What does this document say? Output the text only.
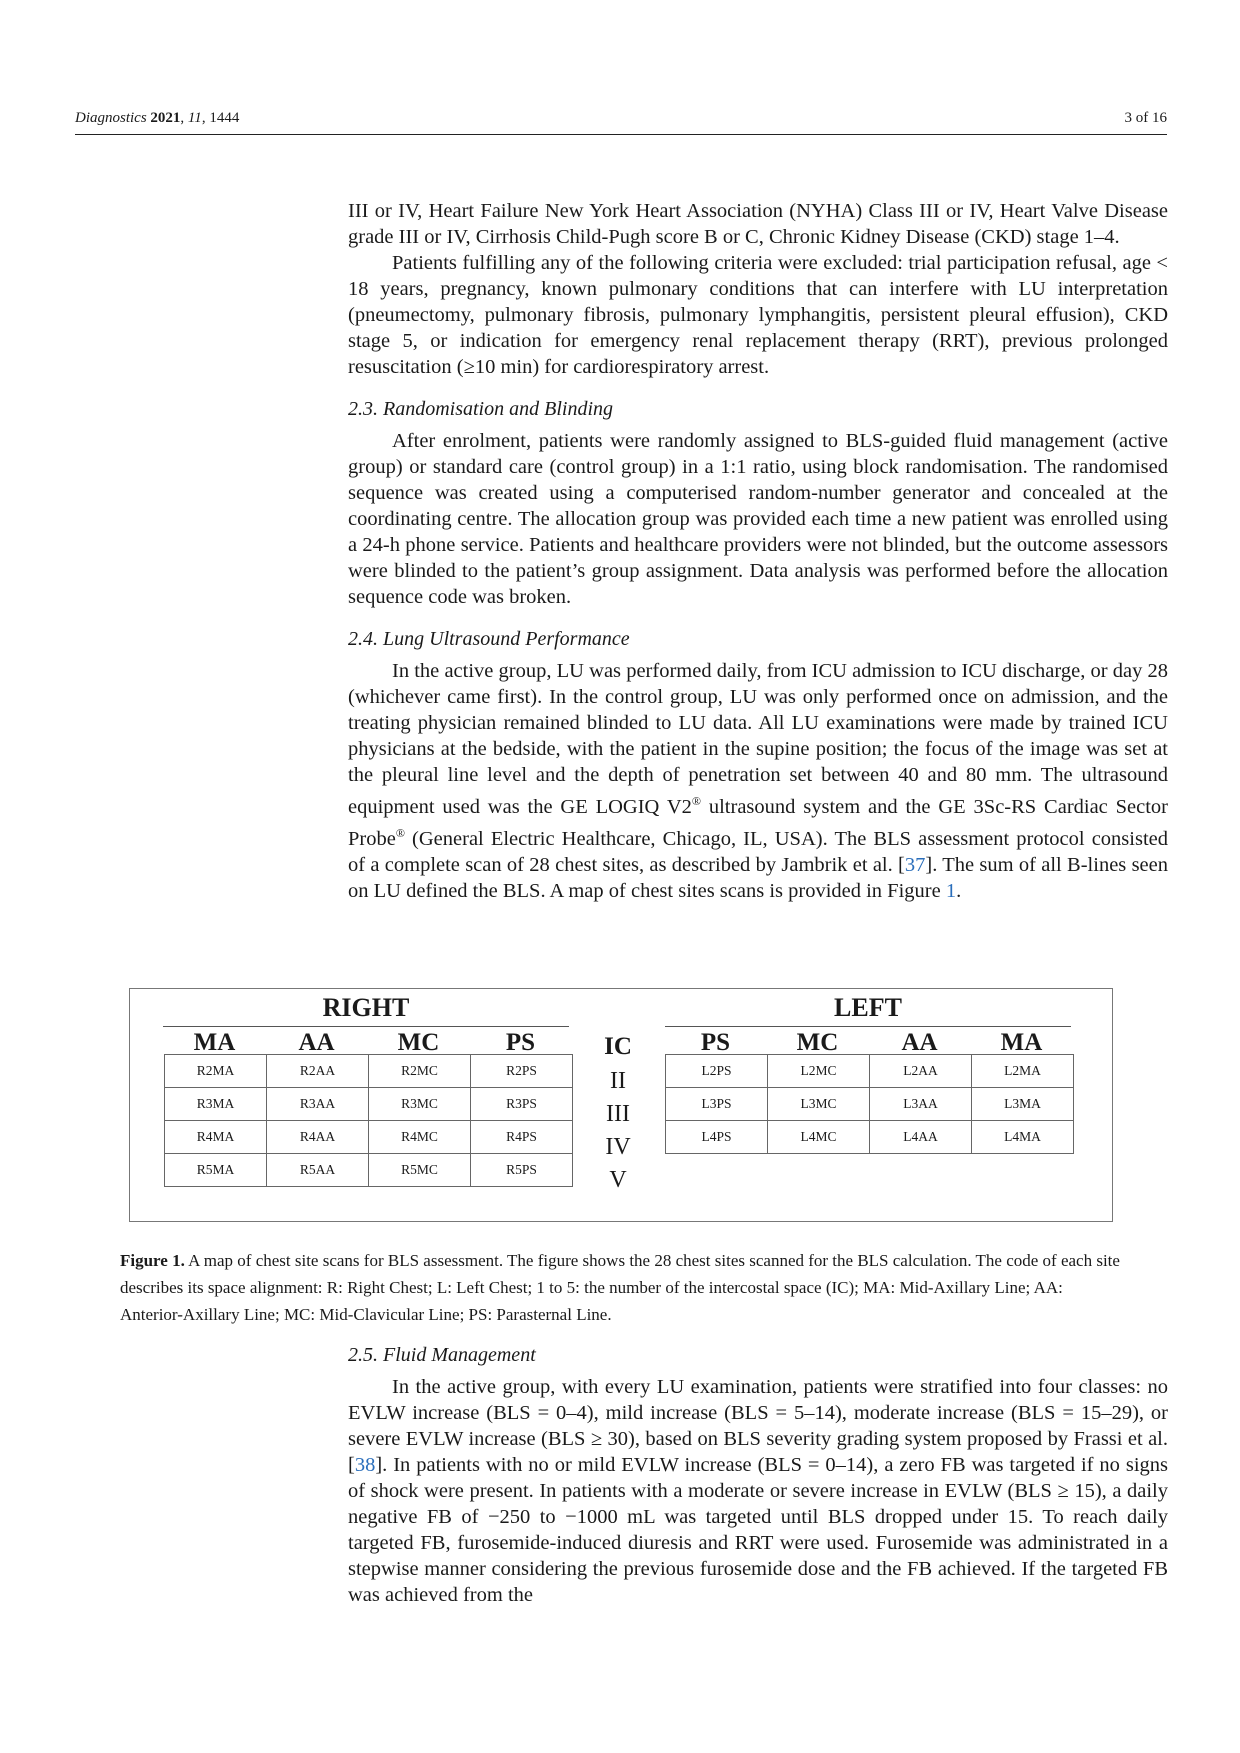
Diagnostics 2021, 11, 1444	3 of 16

III or IV, Heart Failure New York Heart Association (NYHA) Class III or IV, Heart Valve Disease grade III or IV, Cirrhosis Child-Pugh score B or C, Chronic Kidney Disease (CKD) stage 1–4.

Patients fulfilling any of the following criteria were excluded: trial participation refusal, age < 18 years, pregnancy, known pulmonary conditions that can interfere with LU interpretation (pneumectomy, pulmonary fibrosis, pulmonary lymphangitis, persistent pleural effusion), CKD stage 5, or indication for emergency renal replacement therapy (RRT), previous prolonged resuscitation (≥10 min) for cardiorespiratory arrest.

2.3. Randomisation and Blinding

After enrolment, patients were randomly assigned to BLS-guided fluid management (active group) or standard care (control group) in a 1:1 ratio, using block randomisation. The randomised sequence was created using a computerised random-number generator and concealed at the coordinating centre. The allocation group was provided each time a new patient was enrolled using a 24-h phone service. Patients and healthcare providers were not blinded, but the outcome assessors were blinded to the patient’s group assignment. Data analysis was performed before the allocation sequence code was broken.

2.4. Lung Ultrasound Performance

In the active group, LU was performed daily, from ICU admission to ICU discharge, or day 28 (whichever came first). In the control group, LU was only performed once on admission, and the treating physician remained blinded to LU data. All LU examinations were made by trained ICU physicians at the bedside, with the patient in the supine position; the focus of the image was set at the pleural line level and the depth of penetration set between 40 and 80 mm. The ultrasound equipment used was the GE LOGIQ V2® ultrasound system and the GE 3Sc-RS Cardiac Sector Probe® (General Electric Healthcare, Chicago, IL, USA). The BLS assessment protocol consisted of a complete scan of 28 chest sites, as described by Jambrik et al. [37]. The sum of all B-lines seen on LU defined the BLS. A map of chest sites scans is provided in Figure 1.

RIGHT	LEFT
MA	AA	MC	PS	PS	MC	AA	MA
IC
II
III
IV
V
R2MA	R2AA	R2MC	R2PS
R3MA	R3AA	R3MC	R3PS
R4MA	R4AA	R4MC	R4PS
R5MA	R5AA	R5MC	R5PS
L2PS	L2MC	L2AA	L2MA
L3PS	L3MC	L3AA	L3MA
L4PS	L4MC	L4AA	L4MA
Figure 1. A map of chest site scans for BLS assessment. The figure shows the 28 chest sites scanned for the BLS calculation. The code of each site describes its space alignment: R: Right Chest; L: Left Chest; 1 to 5: the number of the intercostal space (IC); MA: Mid-Axillary Line; AA: Anterior-Axillary Line; MC: Mid-Clavicular Line; PS: Parasternal Line.

2.5. Fluid Management

In the active group, with every LU examination, patients were stratified into four classes: no EVLW increase (BLS = 0–4), mild increase (BLS = 5–14), moderate increase (BLS = 15–29), or severe EVLW increase (BLS ≥ 30), based on BLS severity grading system proposed by Frassi et al. [38]. In patients with no or mild EVLW increase (BLS = 0–14), a zero FB was targeted if no signs of shock were present. In patients with a moderate or severe increase in EVLW (BLS ≥ 15), a daily negative FB of −250 to −1000 mL was targeted until BLS dropped under 15. To reach daily targeted FB, furosemide-induced diuresis and RRT were used. Furosemide was administrated in a stepwise manner considering the previous furosemide dose and the FB achieved. If the targeted FB was achieved from the
